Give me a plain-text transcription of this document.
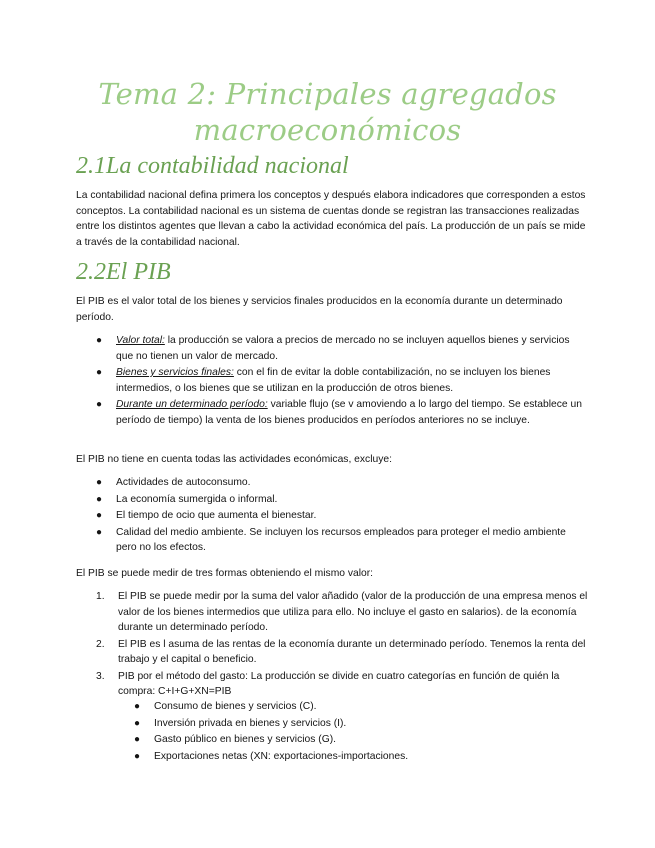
Tema 2: Principales agregados
macroeconómicos
2.1La contabilidad nacional
La contabilidad nacional defina primera los conceptos y después elabora indicadores que corresponden a estos conceptos. La contabilidad nacional es un sistema de cuentas donde se registran las transacciones realizadas entre los distintos agentes que llevan a cabo la actividad económica del país. La producción de un país se mide a través de la contabilidad nacional.
2.2El PIB
El PIB es el valor total de los bienes y servicios finales producidos en la economía durante un determinado período.
● Valor total: la producción se valora a precios de mercado no se incluyen aquellos bienes y servicios que no tienen un valor de mercado.
● Bienes y servicios finales: con el fin de evitar la doble contabilización, no se incluyen los bienes intermedios, o los bienes que se utilizan en la producción de otros bienes.
● Durante un determinado período: variable flujo (se v amoviendo a lo largo del tiempo. Se establece un período de tiempo) la venta de los bienes producidos en períodos anteriores no se incluye.
El PIB no tiene en cuenta todas las actividades económicas, excluye:
● Actividades de autoconsumo.
● La economía sumergida o informal.
● El tiempo de ocio que aumenta el bienestar.
● Calidad del medio ambiente. Se incluyen los recursos empleados para proteger el medio ambiente pero no los efectos.
El PIB se puede medir de tres formas obteniendo el mismo valor:
1. El PIB se puede medir por la suma del valor añadido (valor de la producción de una empresa menos el valor de los bienes intermedios que utiliza para ello. No incluye el gasto en salarios). de la economía durante un determinado período.
2. El PIB es l asuma de las rentas de la economía durante un determinado período. Tenemos la renta del trabajo y el capital o beneficio.
3. PIB por el método del gasto: La producción se divide en cuatro categorías en función de quién la compra: C+I+G+XN=PIB
● Consumo de bienes y servicios (C).
● Inversión privada en bienes y servicios (I).
● Gasto público en bienes y servicios (G).
● Exportaciones netas (XN: exportaciones-importaciones.
